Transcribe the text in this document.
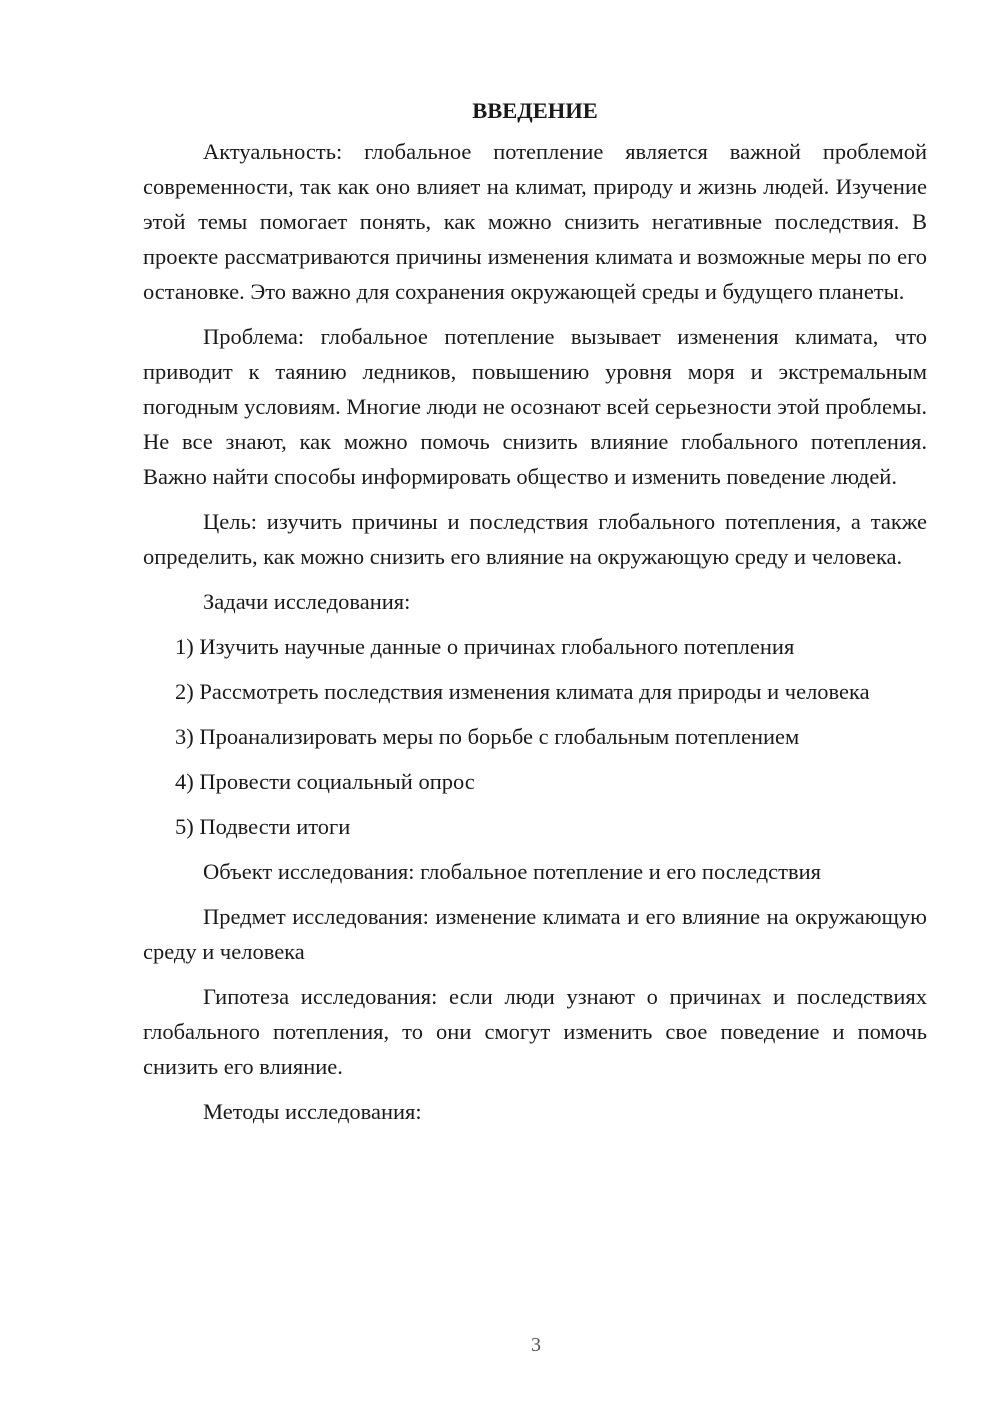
ВВЕДЕНИЕ

Актуальность: глобальное потепление является важной проблемой современности, так как оно влияет на климат, природу и жизнь людей. Изучение этой темы помогает понять, как можно снизить негативные последствия. В проекте рассматриваются причины изменения климата и возможные меры по его остановке. Это важно для сохранения окружающей среды и будущего планеты.

Проблема: глобальное потепление вызывает изменения климата, что приводит к таянию ледников, повышению уровня моря и экстремальным погодным условиям. Многие люди не осознают всей серьезности этой проблемы. Не все знают, как можно помочь снизить влияние глобального потепления. Важно найти способы информировать общество и изменить поведение людей.

Цель: изучить причины и последствия глобального потепления, а также определить, как можно снизить его влияние на окружающую среду и человека.

Задачи исследования:

1) Изучить научные данные о причинах глобального потепления

2) Рассмотреть последствия изменения климата для природы и человека

3) Проанализировать меры по борьбе с глобальным потеплением

4) Провести социальный опрос

5) Подвести итоги

Объект исследования: глобальное потепление и его последствия

Предмет исследования: изменение климата и его влияние на окружающую среду и человека

Гипотеза исследования: если люди узнают о причинах и последствиях глобального потепления, то они смогут изменить свое поведение и помочь снизить его влияние.

Методы исследования:

3
